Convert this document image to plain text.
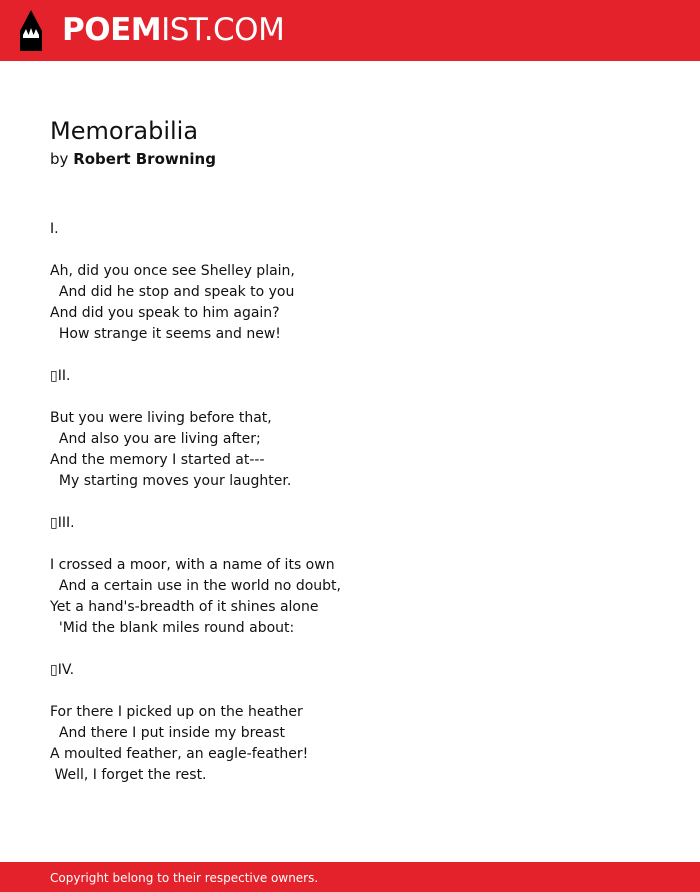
POEMIST.COM
Memorabilia
by Robert Browning
I.

Ah, did you once see Shelley plain,
And did he stop and speak to you
And did you speak to him again?
How strange it seems and new!

▯II.

But you were living before that,
And also you are living after;
And the memory I started at---
My starting moves your laughter.

▯III.

I crossed a moor, with a name of its own
And a certain use in the world no doubt,
Yet a hand's-breadth of it shines alone
'Mid the blank miles round about:

▯IV.

For there I picked up on the heather
And there I put inside my breast
A moulted feather, an eagle-feather!
Well, I forget the rest.
Copyright belong to their respective owners.
